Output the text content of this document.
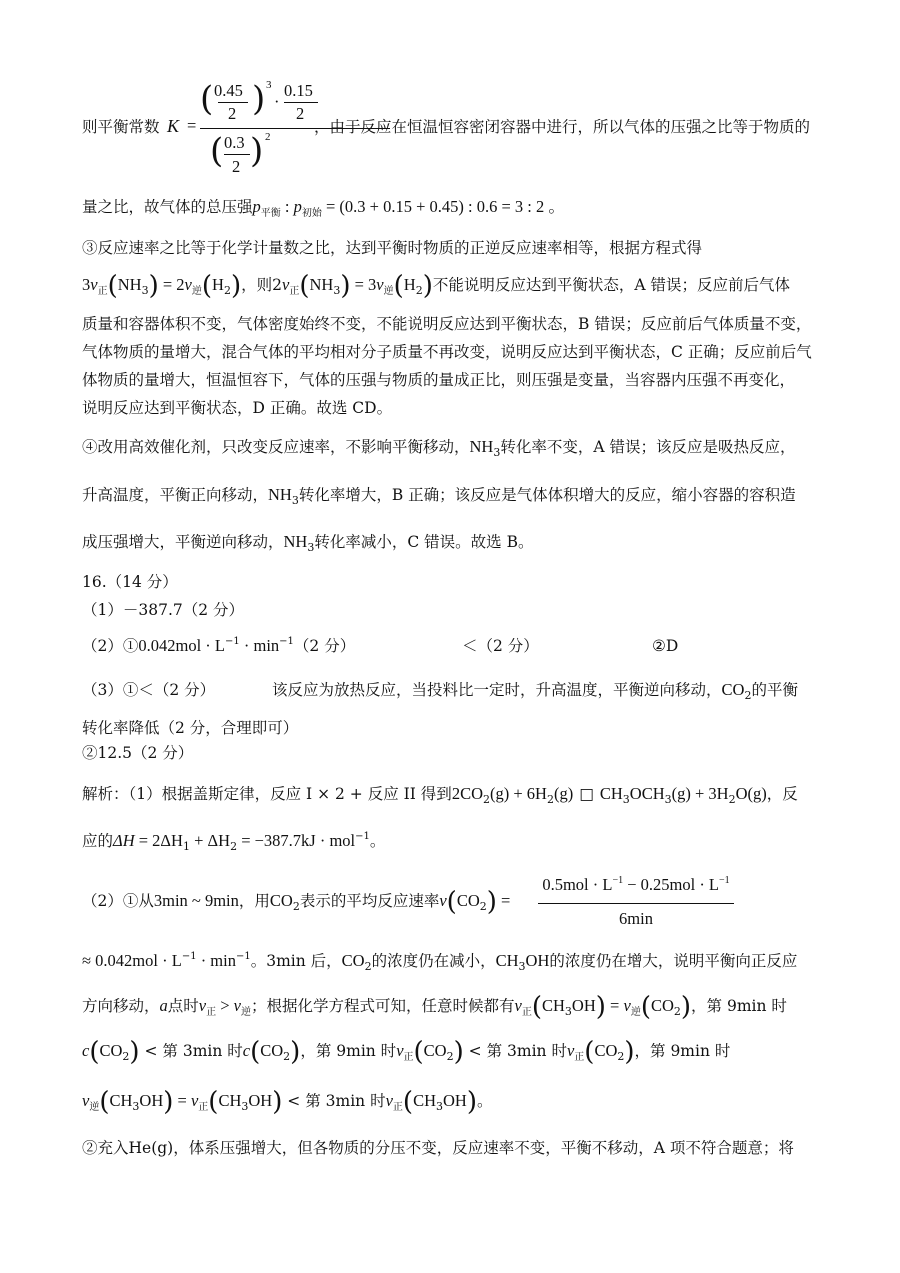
则平衡常数 K =
( 0.45
2 ) 3
·
0.15
2
( 0.3
2 ) 2
，由于反应在恒温恒容密闭容器中进行，所以气体的压强之比等于物质的
量之比，故气体的总压强$p_{平衡}$ : $p_{初始} = (0.3 + 0.15 + 0.45)$ : 0.6 = 3 : 2 。
③反应速率之比等于化学计量数之比，达到平衡时物质的正逆反应速率相等，根据方程式得
$3v_正(NH_3) = 2v_逆(H_2)$，则$2v_正(NH_3) = 3v_逆(H_2)$不能说明反应达到平衡状态，A 错误；反应前后气体
质量和容器体积不变，气体密度始终不变，不能说明反应达到平衡状态，B 错误；反应前后气体质量不变，
气体物质的量增大，混合气体的平均相对分子质量不再改变，说明反应达到平衡状态，C 正确；反应前后气
体物质的量增大，恒温恒容下，气体的压强与物质的量成正比，则压强是变量，当容器内压强不再变化，
说明反应达到平衡状态，D 正确。故选 CD。
④改用高效催化剂，只改变反应速率，不影响平衡移动，$NH_3$转化率不变，A 错误；该反应是吸热反应，
升高温度，平衡正向移动，$NH_3$转化率增大，B 正确；该反应是气体体积增大的反应，缩小容器的容积造
成压强增大，平衡逆向移动，$NH_3$转化率减小，C 错误。故选 B。
16.（14 分）
（1）－387.7（2 分）
（2）①0.042mol · $L^{-1} \cdot \min^{-1}(2$ 分）	＜（2 分）	②D
（3）①＜（2 分）	该反应为放热反应，当投料比一定时，升高温度，平衡逆向移动，$CO_2$的平衡
转化率降低（2 分，合理即可）
②12.5（2 分）
解析：（1）根据盖斯定律，反应 I × 2 + 反应 II 得到$2CO_2(g) + 6H_2(g)$ □ $CH_3OCH_3(g) + 3H_2O(g)$，反
应的$\Delta H = 2\Delta H_1 + \Delta H_2 = -387.7kJ \cdot mol^{-1}$。
（2）①从3min ~ 9min，用$CO_2$表示的平均反应速率$v(CO_2)$ =
$0.5mol \cdot L^{-1} - 0.25mol \cdot L^{-1}$
6min
≈ $0.042mol \cdot L^{-1} \cdot \min^{-1}$。3min 后，$CO_2$的浓度仍在减小，$CH_3OH$的浓度仍在增大，说明平衡向正反应
方向移动，a点时$v_正 > v_逆$；根据化学方程式可知，任意时候都有$v_正(CH_3OH) = v_逆(CO_2)$，第 9min 时
$c(CO_2)$ < 第 3min 时$c(CO_2)$，第 9min 时$v_正(CO_2)$ < 第 3min 时$v_正(CO_2)$，第 9min 时
$v_逆(CH_3OH) = v_正(CH_3OH)$ < 第 3min 时$v_正(CH_3OH)$。
②充入He(g)，体系压强增大，但各物质的分压不变，反应速率不变，平衡不移动，A 项不符合题意；将
